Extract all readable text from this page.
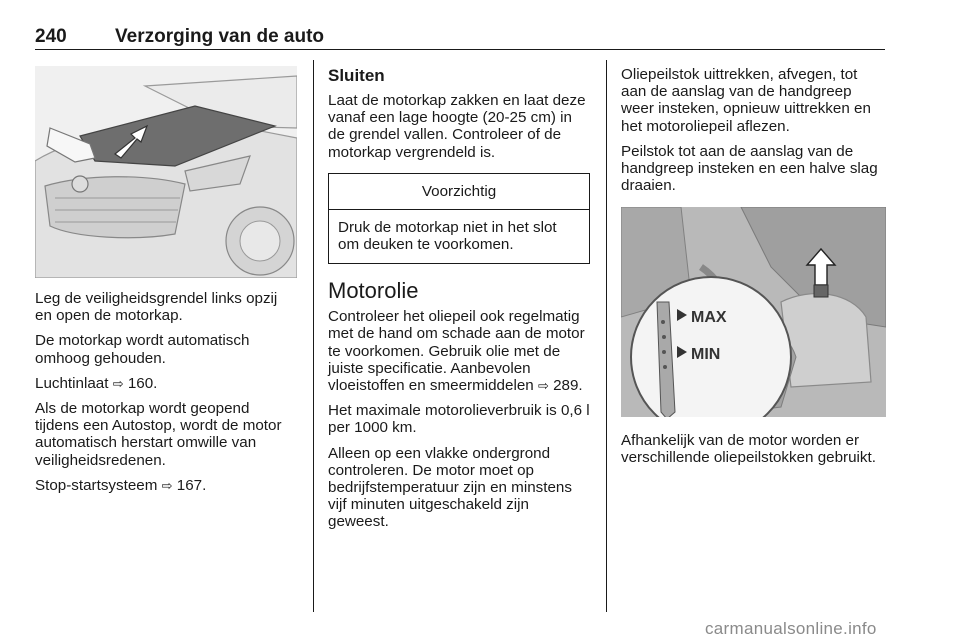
240	Verzorging van de auto

Leg de veiligheidsgrendel links opzij en open de motorkap.

De motorkap wordt automatisch omhoog gehouden.

Luchtinlaat ⇨ 160.

Als de motorkap wordt geopend tijdens een Autostop, wordt de motor automatisch herstart omwille van veiligheidsredenen.

Stop-startsysteem ⇨ 167.

Sluiten

Laat de motorkap zakken en laat deze vanaf een lage hoogte (20-25 cm) in de grendel vallen. Controleer of de motorkap vergrendeld is.

Voorzichtig
Druk de motorkap niet in het slot om deuken te voorkomen.
Motorolie

Controleer het oliepeil ook regelmatig met de hand om schade aan de motor te voorkomen. Gebruik olie met de juiste specificatie. Aanbevolen vloeistoffen en smeermiddelen ⇨ 289.

Het maximale motorolieverbruik is 0,6 l per 1000 km.

Alleen op een vlakke ondergrond controleren. De motor moet op bedrijfstemperatuur zijn en minstens vijf minuten uitgeschakeld zijn geweest.

Oliepeilstok uittrekken, afvegen, tot aan de aanslag van de handgreep weer insteken, opnieuw uittrekken en het motoroliepeil aflezen.

Peilstok tot aan de aanslag van de handgreep insteken en een halve slag draaien.

MAX
MIN

Afhankelijk van de motor worden er verschillende oliepeilstokken gebruikt.

carmanualsonline.info
